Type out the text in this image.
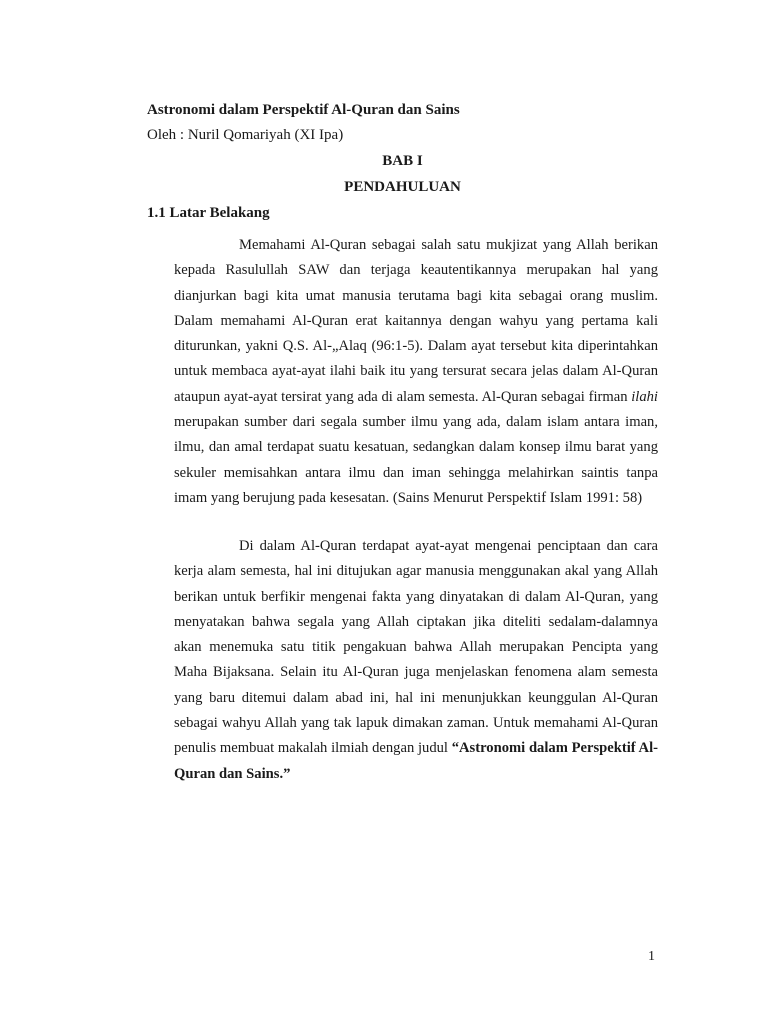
Astronomi dalam Perspektif Al-Quran dan Sains
Oleh : Nuril Qomariyah (XI Ipa)
BAB I
PENDAHULUAN
1.1 Latar Belakang

Memahami Al-Quran sebagai salah satu mukjizat yang Allah berikan kepada Rasulullah SAW dan terjaga keautentikannya merupakan hal yang dianjurkan bagi kita umat manusia terutama bagi kita sebagai orang muslim. Dalam memahami Al-Quran erat kaitannya dengan wahyu yang pertama kali diturunkan, yakni Q.S. Al-„Alaq (96:1-5). Dalam ayat tersebut kita diperintahkan untuk membaca ayat-ayat ilahi baik itu yang tersurat secara jelas dalam Al-Quran ataupun ayat-ayat tersirat yang ada di alam semesta. Al-Quran sebagai firman ilahi merupakan sumber dari segala sumber ilmu yang ada, dalam islam antara iman, ilmu, dan amal terdapat suatu kesatuan, sedangkan dalam konsep ilmu barat yang sekuler memisahkan antara ilmu dan iman sehingga melahirkan saintis tanpa imam yang berujung pada kesesatan. (Sains Menurut Perspektif Islam 1991: 58)

Di dalam Al-Quran terdapat ayat-ayat mengenai penciptaan dan cara kerja alam semesta, hal ini ditujukan agar manusia menggunakan akal yang Allah berikan untuk berfikir mengenai fakta yang dinyatakan di dalam Al-Quran, yang menyatakan bahwa segala yang Allah ciptakan jika diteliti sedalam-dalamnya akan menemuka satu titik pengakuan bahwa Allah merupakan Pencipta yang Maha Bijaksana. Selain itu Al-Quran juga menjelaskan fenomena alam semesta yang baru ditemui dalam abad ini, hal ini menunjukkan keunggulan Al-Quran sebagai wahyu Allah yang tak lapuk dimakan zaman. Untuk memahami Al-Quran penulis membuat makalah ilmiah dengan judul “Astronomi dalam Perspektif Al-Quran dan Sains.”

1
